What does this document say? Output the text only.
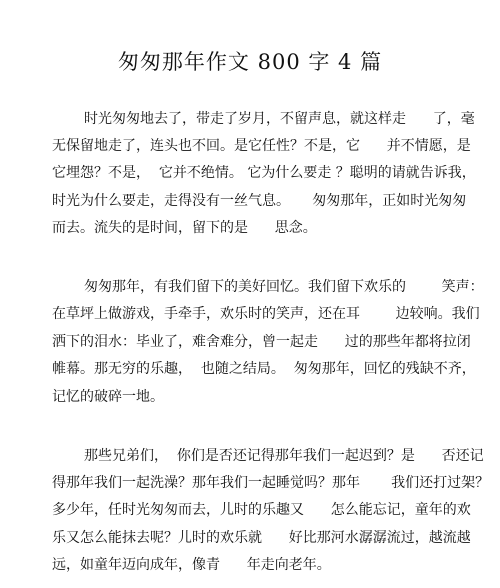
匆匆那年作文 800 字 4 篇
时光匆匆地去了，带走了岁月，不留声息，就这样走      了，毫
无保留地走了，连头也不回。是它任性？不是，它      并不情愿，是
它埋怨？不是，  它并不绝情。 它为什么要走 ？聪明的请就告诉我，
时光为什么要走，走得没有一丝气息。     匆匆那年，正如时光匆匆
而去。流失的是时间，留下的是      思念。
匆匆那年，有我们留下的美好回忆。我们留下欢乐的        笑声：
在草坪上做游戏，手牵手，欢乐时的笑声，还在耳        边较响。我们
洒下的泪水：毕业了，难舍难分，曾一起走      过的那些年都将拉闭
帷幕。那无穷的乐趣，  也随之结局。  匆匆那年，回忆的残缺不齐，
记忆的破碎一地。
那些兄弟们，  你们是否还记得那年我们一起迟到？是      否还记
得那年我们一起洗澡？那年我们一起睡觉吗？那年       我们还打过架？
多少年，任时光匆匆而去，儿时的乐趣又      怎么能忘记，童年的欢
乐又怎么能抹去呢？儿时的欢乐就      好比那河水潺潺流过，越流越
远，如童年迈向成年，像青      年走向老年。
